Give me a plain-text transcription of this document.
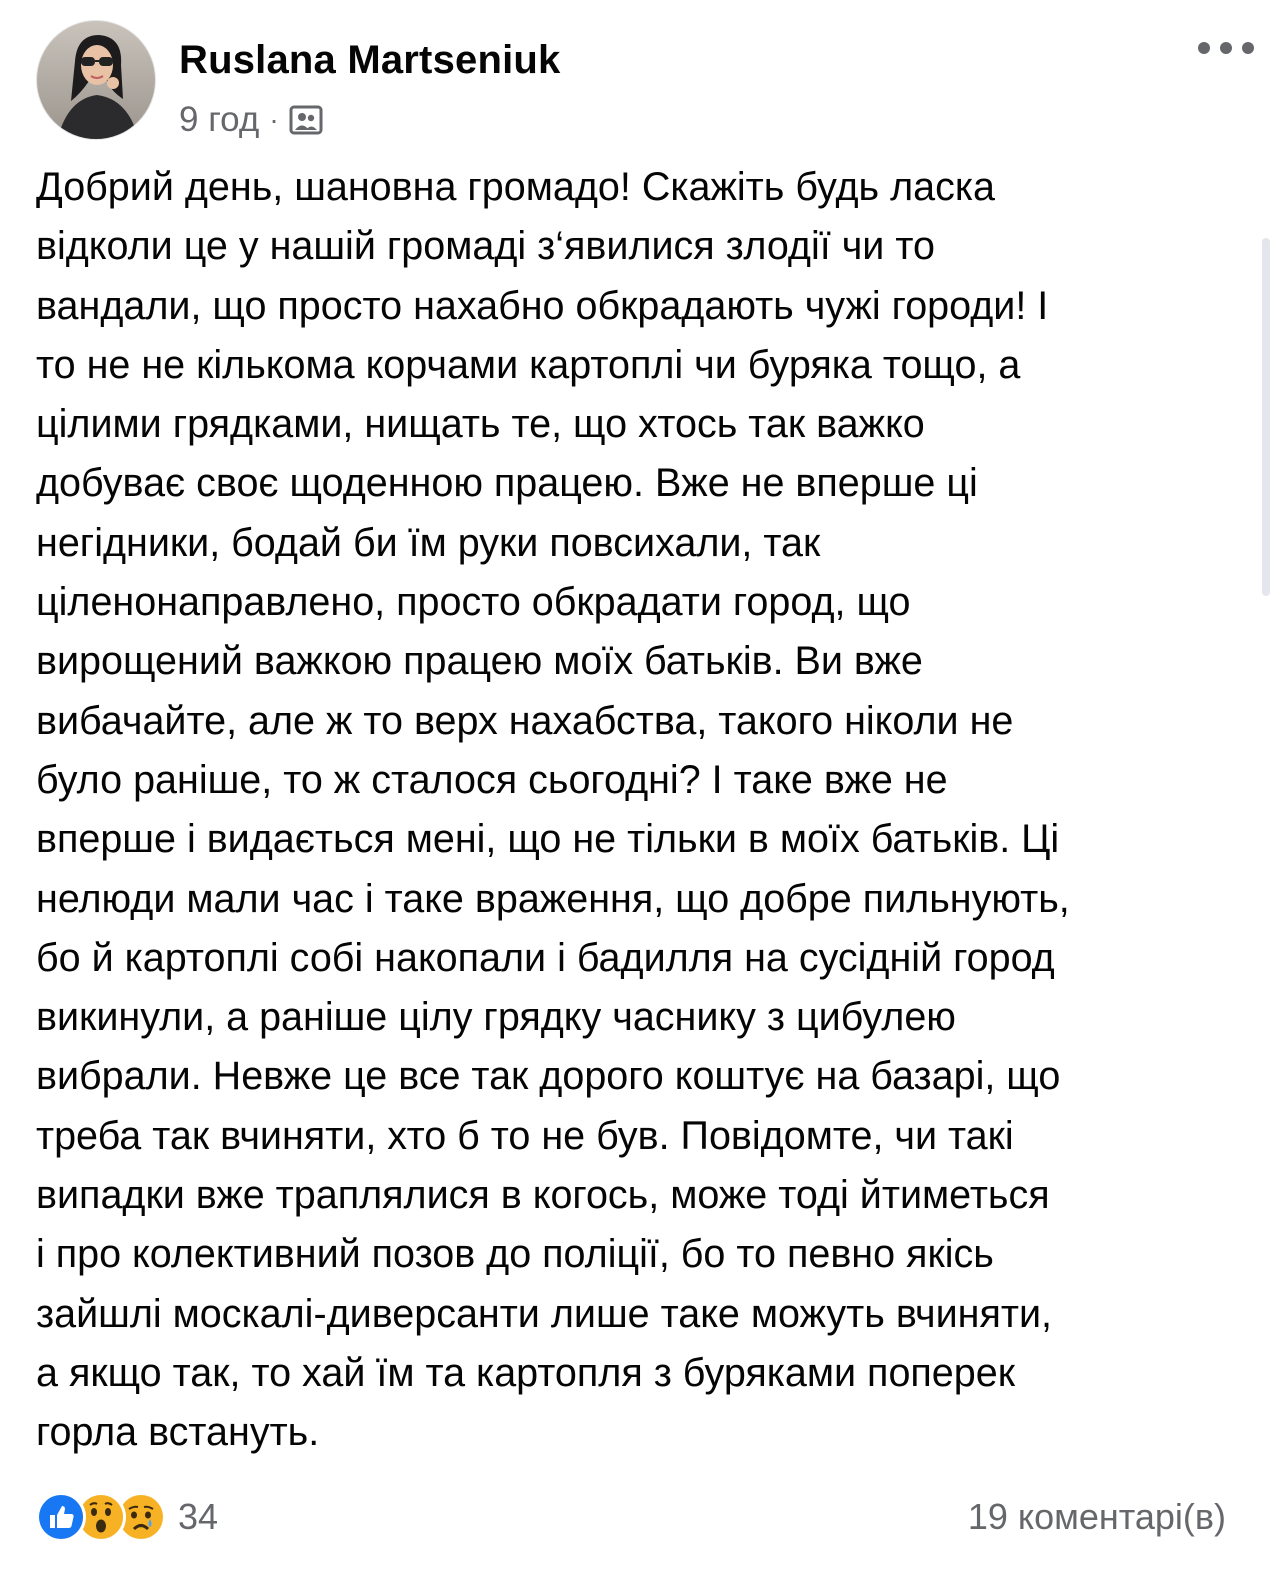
Ruslana Martseniuk
9 год ·
Добрий день, шановна громадо! Скажіть будь ласка
відколи це у нашій громаді з‘явилися злодії чи то
вандали, що просто нахабно обкрадають чужі городи! І
то не не кількома корчами картоплі чи буряка тощо, а
цілими грядками, нищать те, що хтось так важко
добуває своє щоденною працею. Вже не вперше ці
негідники, бодай би їм руки повсихали, так
ціленонаправлено, просто обкрадати город, що
вирощений важкою працею моїх батьків. Ви вже
вибачайте, але ж то верх нахабства, такого ніколи не
було раніше, то ж сталося сьогодні? І таке вже не
вперше і видається мені, що не тільки в моїх батьків. Ці
нелюди мали час і таке враження, що добре пильнують,
бо й картоплі собі накопали і бадилля на сусідній город
викинули, а раніше цілу грядку часнику з цибулею
вибрали. Невже це все так дорого коштує на базарі, що
треба так вчиняти, хто б то не був. Повідомте, чи такі
випадки вже траплялися в когось, може тоді йтиметься
і про колективний позов до поліції, бо то певно якісь
зайшлі москалі-диверсанти лише таке можуть вчиняти,
а якщо так, то хай їм та картопля з буряками поперек
горла встануть.
34	19 коментарі(в)
